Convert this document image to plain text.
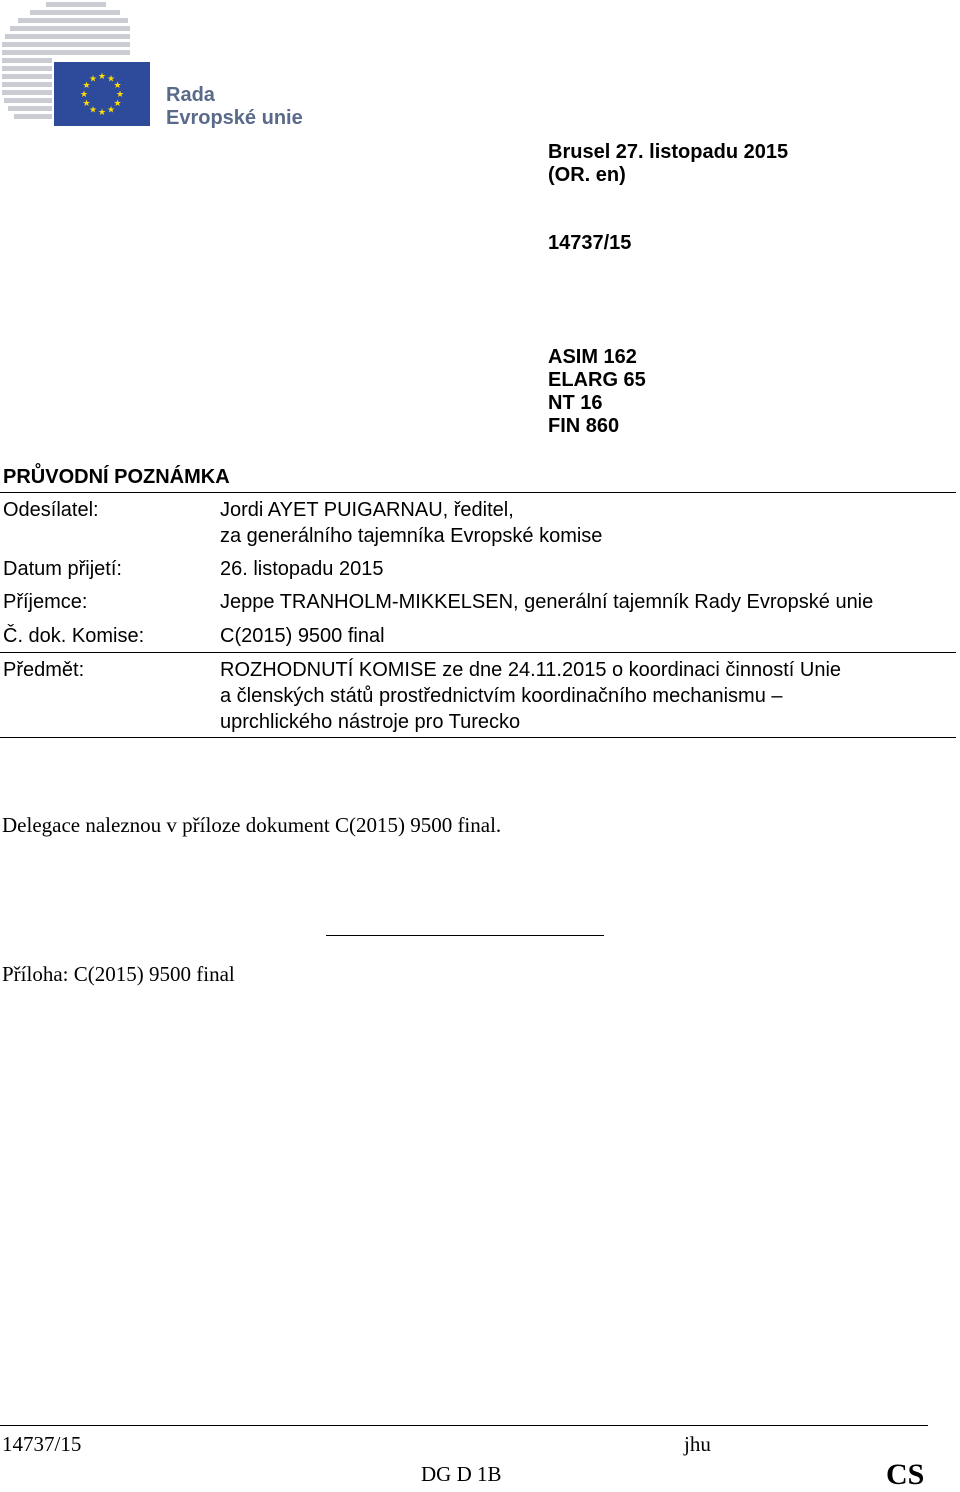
★ ★
★
★
★
★
★
★
★
★
★
★
Rada
Evropské unie
Brusel 27. listopadu 2015
(OR. en)
14737/15
ASIM 162
ELARG 65
NT 16
FIN 860
PRŮVODNÍ POZNÁMKA
Odesílatel:	Jordi AYET PUIGARNAU, ředitel,
za generálního tajemníka Evropské komise
Datum přijetí:	26. listopadu 2015
Příjemce:	Jeppe TRANHOLM-MIKKELSEN, generální tajemník Rady Evropské unie
Č. dok. Komise:	C(2015) 9500 final
Předmět:	ROZHODNUTÍ KOMISE ze dne 24.11.2015 o koordinaci činností Unie
a členských států prostřednictvím koordinačního mechanismu –
uprchlického nástroje pro Turecko
Delegace naleznou v příloze dokument C(2015) 9500 final.
Příloha: C(2015) 9500 final
14737/15	jhu
DG D 1B	CS
